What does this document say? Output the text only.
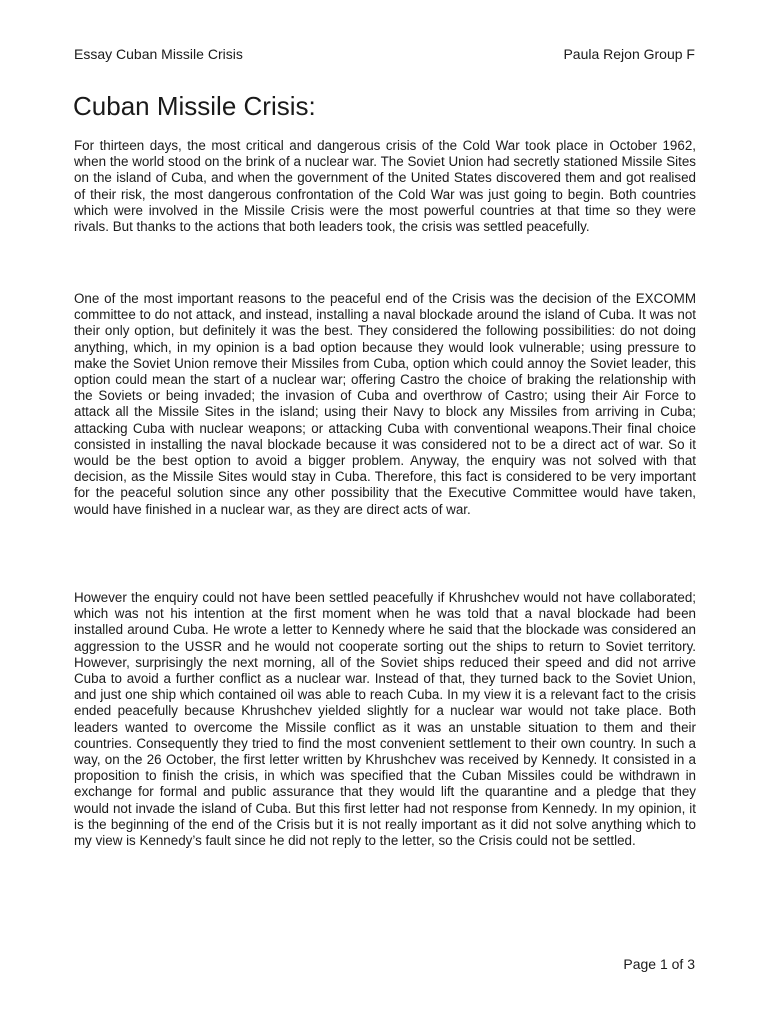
Essay Cuban Missile Crisis	Paula Rejon Group F
Cuban Missile Crisis:

For thirteen days, the most critical and dangerous crisis of the Cold War took place in October 1962, when the world stood on the brink of a nuclear war. The Soviet Union had secretly stationed Missile Sites on the island of Cuba, and when the government of the United States discovered them and got realised of their risk, the most dangerous confrontation of the Cold War was just going to begin. Both countries which were involved in the Missile Crisis were the most powerful countries at that time so they were rivals. But thanks to the actions that both leaders took, the crisis was settled peacefully.

One of the most important reasons to the peaceful end of the Crisis was the decision of the EXCOMM committee to do not attack, and instead, installing a naval blockade around the island of Cuba. It was not their only option, but definitely it was the best. They considered the following possibilities: do not doing anything, which, in my opinion is a bad option because they would look vulnerable; using pressure to make the Soviet Union remove their Missiles from Cuba, option which could annoy the Soviet leader, this option could mean the start of a nuclear war; offering Castro the choice of braking the relationship with the Soviets or being invaded; the invasion of Cuba and overthrow of Castro; using their Air Force to attack all the Missile Sites in the island; using their Navy to block any Missiles from arriving in Cuba; attacking Cuba with nuclear weapons; or attacking Cuba with conventional weapons.Their final choice consisted in installing the naval blockade because it was considered not to be a direct act of war. So it would be the best option to avoid a bigger problem. Anyway, the enquiry was not solved with that decision, as the Missile Sites would stay in Cuba. Therefore, this fact is considered to be very important for the peaceful solution since any other possibility that the Executive Committee would have taken, would have finished in a nuclear war, as they are direct acts of war.

However the enquiry could not have been settled peacefully if Khrushchev would not have collaborated; which was not his intention at the first moment when he was told that a naval blockade had been installed around Cuba. He wrote a letter to Kennedy where he said that the blockade was considered an aggression to the USSR and he would not cooperate sorting out the ships to return to Soviet territory. However, surprisingly the next morning, all of the Soviet ships reduced their speed and did not arrive Cuba to avoid a further conflict as a nuclear war. Instead of that, they turned back to the Soviet Union, and just one ship which contained oil was able to reach Cuba. In my view it is a relevant fact to the crisis ended peacefully because Khrushchev yielded slightly for a nuclear war would not take place. Both leaders wanted to overcome the Missile conflict as it was an unstable situation to them and their countries. Consequently they tried to find the most convenient settlement to their own country. In such a way, on the 26 October, the first letter written by Khrushchev was received by Kennedy. It consisted in a proposition to finish the crisis, in which was specified that the Cuban Missiles could be withdrawn in exchange for formal and public assurance that they would lift the quarantine and a pledge that they would not invade the island of Cuba. But this first letter had not response from Kennedy. In my opinion, it is the beginning of the end of the Crisis but it is not really important as it did not solve anything which to my view is Kennedy’s fault since he did not reply to the letter, so the Crisis could not be settled.

Page 1 of 3
